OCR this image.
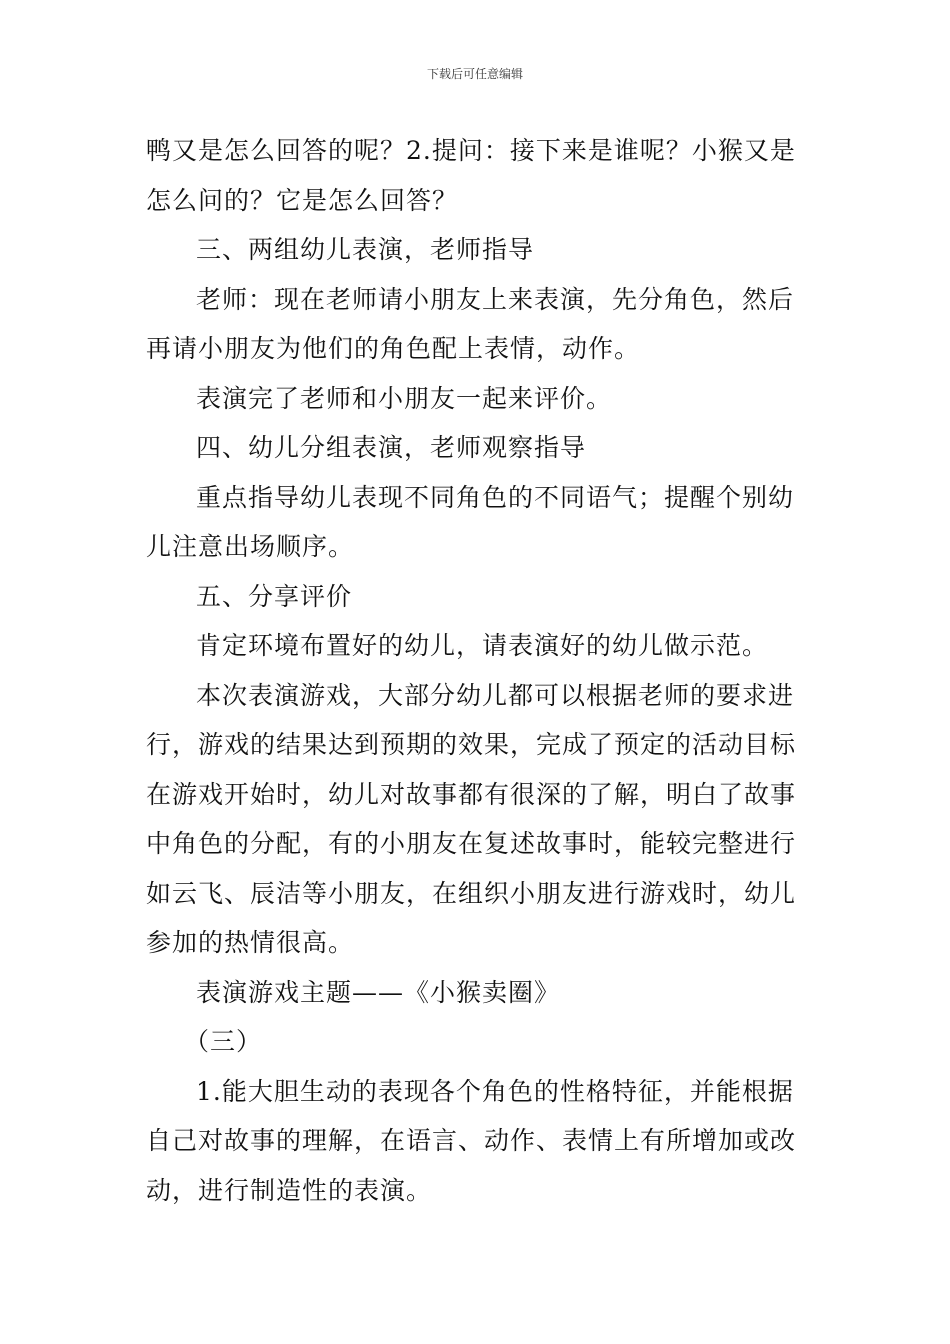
下载后可任意编辑

鸭又是怎么回答的呢？2.提问：接下来是谁呢？小猴又是
怎么问的？它是怎么回答？

三、两组幼儿表演，老师指导

老师：现在老师请小朋友上来表演，先分角色，然后
再请小朋友为他们的角色配上表情，动作。

表演完了老师和小朋友一起来评价。

四、幼儿分组表演，老师观察指导

重点指导幼儿表现不同角色的不同语气；提醒个别幼
儿注意出场顺序。

五、分享评价

肯定环境布置好的幼儿，请表演好的幼儿做示范。

本次表演游戏，大部分幼儿都可以根据老师的要求进
行，游戏的结果达到预期的效果，完成了预定的活动目标
在游戏开始时，幼儿对故事都有很深的了解，明白了故事
中角色的分配，有的小朋友在复述故事时，能较完整进行
如云飞、辰洁等小朋友，在组织小朋友进行游戏时，幼儿
参加的热情很高。

表演游戏主题——《小猴卖圈》

（三）

1.能大胆生动的表现各个角色的性格特征，并能根据
自己对故事的理解，在语言、动作、表情上有所增加或改
动，进行制造性的表演。
